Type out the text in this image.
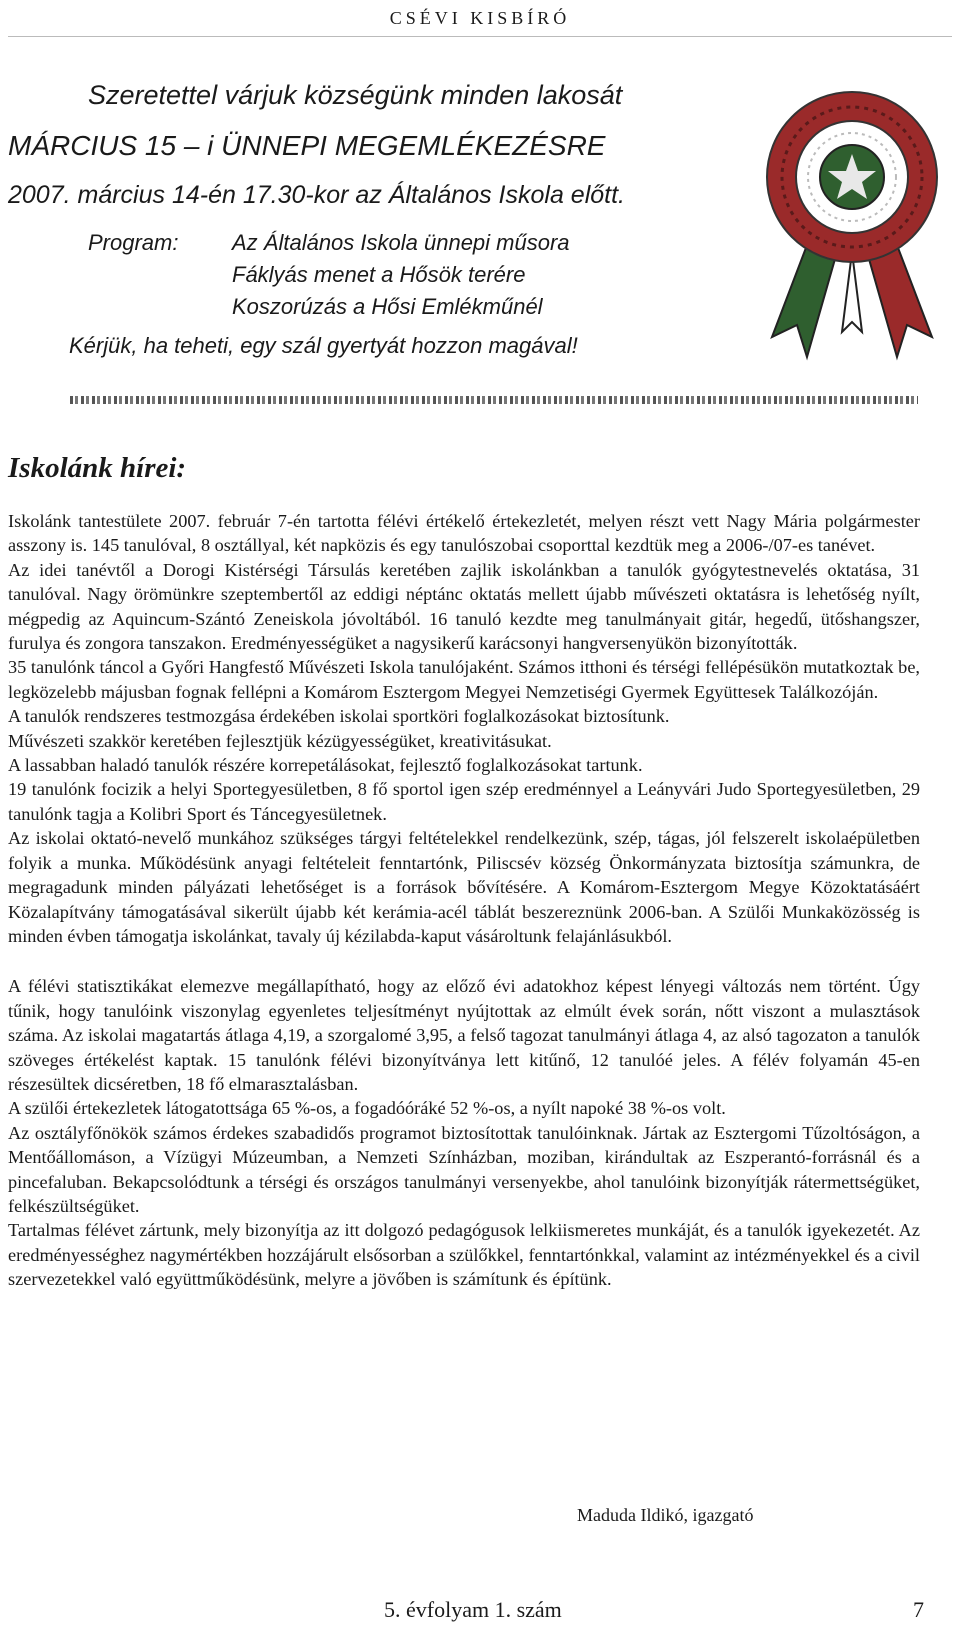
CSÉVI KISBÍRÓ
Szeretettel várjuk községünk minden lakosát
MÁRCIUS 15 – i ÜNNEPI MEGEMLÉKEZÉSRE
2007. március 14-én 17.30-kor az Általános Iskola előtt.
Program: Az Általános Iskola ünnepi műsora
Fáklyás menet a Hősök terére
Koszorúzás a Hősi Emlékműnél
Kérjük, ha teheti, egy szál gyertyát hozzon magával!
Iskolánk hírei:

Iskolánk tantestülete 2007. február 7-én tartotta félévi értékelő értekezletét, melyen részt vett Nagy Mária polgármester asszony is. 145 tanulóval, 8 osztállyal, két napközis és egy tanulószobai csoporttal kezdtük meg a 2006-/07-es tanévet.

Az idei tanévtől a Dorogi Kistérségi Társulás keretében zajlik iskolánkban a tanulók gyógytestnevelés oktatása, 31 tanulóval. Nagy örömünkre szeptembertől az eddigi néptánc oktatás mellett újabb művészeti oktatásra is lehetőség nyílt, mégpedig az Aquincum-Szántó Zeneiskola jóvoltából. 16 tanuló kezdte meg tanulmányait gitár, hegedű, ütőshangszer, furulya és zongora tanszakon. Eredményességüket a nagysikerű karácsonyi hangversenyükön bizonyították.

35 tanulónk táncol a Győri Hangfestő Művészeti Iskola tanulójaként. Számos itthoni és térségi fellépésükön mutatkoztak be, legközelebb májusban fognak fellépni a Komárom Esztergom Megyei Nemzetiségi Gyermek Együttesek Találkozóján.

A tanulók rendszeres testmozgása érdekében iskolai sportköri foglalkozásokat biztosítunk.

Művészeti szakkör keretében fejlesztjük kézügyességüket, kreativitásukat.

A lassabban haladó tanulók részére korrepetálásokat, fejlesztő foglalkozásokat tartunk.

19 tanulónk focizik a helyi Sportegyesületben, 8 fő sportol igen szép eredménnyel a Leányvári Judo Sportegyesületben, 29 tanulónk tagja a Kolibri Sport és Táncegyesületnek.

Az iskolai oktató-nevelő munkához szükséges tárgyi feltételekkel rendelkezünk, szép, tágas, jól felszerelt iskolaépületben folyik a munka. Működésünk anyagi feltételeit fenntartónk, Piliscsév község Önkormányzata biztosítja számunkra, de megragadunk minden pályázati lehetőséget is a források bővítésére. A Komárom-Esztergom Megye Közoktatásáért Közalapítvány támogatásával sikerült újabb két kerámia-acél táblát beszereznünk 2006-ban. A Szülői Munkaközösség is minden évben támogatja iskolánkat, tavaly új kézilabda-kaput vásároltunk felajánlásukból.

A félévi statisztikákat elemezve megállapítható, hogy az előző évi adatokhoz képest lényegi változás nem történt. Úgy tűnik, hogy tanulóink viszonylag egyenletes teljesítményt nyújtottak az elmúlt évek során, nőtt viszont a mulasztások száma. Az iskolai magatartás átlaga 4,19, a szorgalomé 3,95, a felső tagozat tanulmányi átlaga 4, az alsó tagozaton a tanulók szöveges értékelést kaptak. 15 tanulónk félévi bizonyítványa lett kitűnő, 12 tanulóé jeles. A félév folyamán 45-en részesültek dicséretben, 18 fő elmarasztalásban.

A szülői értekezletek látogatottsága 65 %-os, a fogadóóráké 52 %-os, a nyílt napoké 38 %-os volt.

Az osztályfőnökök számos érdekes szabadidős programot biztosítottak tanulóinknak. Jártak az Esztergomi Tűzoltóságon, a Mentőállomáson, a Vízügyi Múzeumban, a Nemzeti Színházban, moziban, kirándultak az Eszperantó-forrásnál és a pincefaluban. Bekapcsolódtunk a térségi és országos tanulmányi versenyekbe, ahol tanulóink bizonyítják rátermettségüket, felkészültségüket.

Tartalmas félévet zártunk, mely bizonyítja az itt dolgozó pedagógusok lelkiismeretes munkáját, és a tanulók igyekezetét. Az eredményességhez nagymértékben hozzájárult elsősorban a szülőkkel, fenntartónkkal, valamint az intézményekkel és a civil szervezetekkel való együttműködésünk, melyre a jövőben is számítunk és építünk.

Maduda Ildikó, igazgató
5. évfolyam 1. szám	7
